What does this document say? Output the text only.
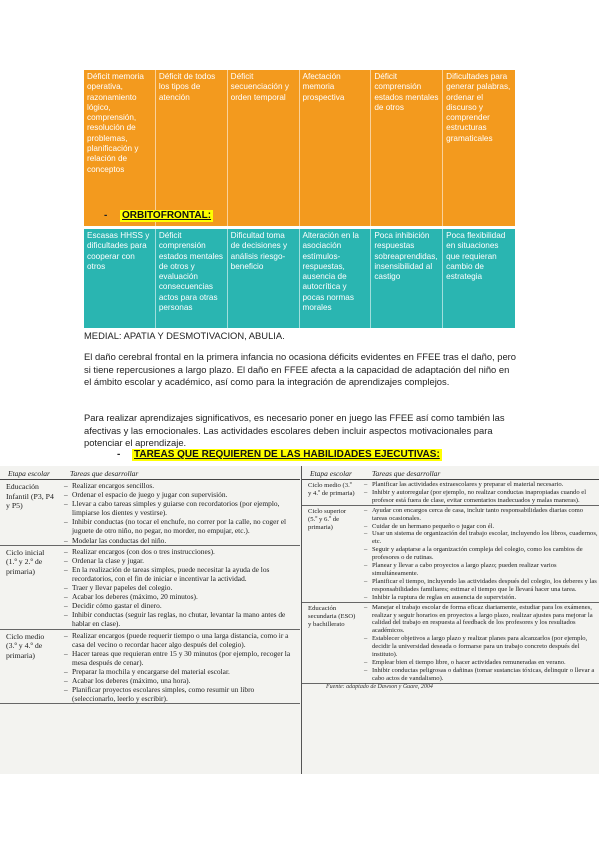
Déficit memoria operativa, razonamiento lógico, comprensión, resolución de problemas, planificación y relación de conceptos
Déficit de todos los tipos de atención
Déficit secuenciación y orden temporal
Afectación memoria prospectiva
Déficit comprensión estados mentales de otros
Dificultades para generar palabras, ordenar el discurso y comprender estructuras gramaticales
- ORBITOFRONTAL:
Escasas HHSS y dificultades para cooperar con otros
Déficit comprensión estados mentales de otros y evaluación consecuencias actos para otras personas
Dificultad toma de decisiones y análisis riesgo-beneficio
Alteración en la asociación estímulos-respuestas, ausencia de autocrítica y pocas normas morales
Poca inhibición respuestas sobreaprendidas, insensibilidad al castigo
Poca flexibilidad en situaciones que requieran cambio de estrategia

MEDIAL: APATIA Y DESMOTIVACION, ABULIA.

El daño cerebral frontal en la primera infancia no ocasiona déficits evidentes en FFEE tras el daño, pero si tiene repercusiones a largo plazo. El daño en FFEE afecta a la capacidad de adaptación del niño en el ámbito escolar y académico, así como para la integración de aprendizajes complejos.

Para realizar aprendizajes significativos, es necesario poner en juego las FFEE así como también las afectivas y las emocionales. Las actividades escolares deben incluir aspectos motivacionales para potenciar el aprendizaje.

- TAREAS QUE REQUIEREN DE LAS HABILIDADES EJECUTIVAS:
Etapa escolar	Tareas que desarrollar
Educación Infantil (P3, P4 y P5)
– Realizar encargos sencillos.
– Ordenar el espacio de juego y jugar con supervisión.
– Llevar a cabo tareas simples y guiarse con recordatorios (por ejemplo, limpiarse los dientes y vestirse).
– Inhibir conductas (no tocar el enchufe, no correr por la calle, no coger el juguete de otro niño, no pegar, no morder, no empujar, etc.).
– Modelar las conductas del niño.
Ciclo inicial (1.º y 2.º de primaria)
– Realizar encargos (con dos o tres instrucciones).
– Ordenar la clase y jugar.
– En la realización de tareas simples, puede necesitar la ayuda de los recordatorios, con el fin de iniciar e incentivar la actividad.
– Traer y llevar papeles del colegio.
– Acabar los deberes (máximo, 20 minutos).
– Decidir cómo gastar el dinero.
– Inhibir conductas (seguir las reglas, no chutar, levantar la mano antes de hablar en clase).
Ciclo medio (3.º y 4.º de primaria)
– Realizar encargos (puede requerir tiempo o una larga distancia, como ir a casa del vecino o recordar hacer algo después del colegio).
– Hacer tareas que requieran entre 15 y 30 minutos (por ejemplo, recoger la mesa después de cenar).
– Preparar la mochila y encargarse del material escolar.
– Acabar los deberes (máximo, una hora).
– Planificar proyectos escolares simples, como resumir un libro (seleccionarlo, leerlo y escribir).
Etapa escolar	Tareas que desarrollar
Ciclo medio (3.º y 4.º de primaria)
– Planificar las actividades extraescolares y preparar el material necesario.
– Inhibir y autorregular (por ejemplo, no realizar conductas inapropiadas cuando el profesor está fuera de clase, evitar comentarios inadecuados y malas maneras).
Ciclo superior (5.º y 6.º de primaria)
– Ayudar con encargos cerca de casa, incluir tanto responsabilidades diarias como tareas ocasionales.
– Cuidar de un hermano pequeño o jugar con él.
– Usar un sistema de organización del trabajo escolar, incluyendo los libros, cuadernos, etc.
– Seguir y adaptarse a la organización compleja del colegio, como los cambios de profesores o de rutinas.
– Planear y llevar a cabo proyectos a largo plazo; pueden realizar varios simultáneamente.
– Planificar el tiempo, incluyendo las actividades después del colegio, los deberes y las responsabilidades familiares; estimar el tiempo que le llevará hacer una tarea.
– Inhibir la ruptura de reglas en ausencia de supervisión.
Educación secundaria (ESO) y bachillerato
– Manejar el trabajo escolar de forma eficaz diariamente, estudiar para los exámenes, realizar y seguir horarios en proyectos a largo plazo, realizar ajustes para mejorar la calidad del trabajo en respuesta al feedback de los profesores y los resultados académicos.
– Establecer objetivos a largo plazo y realizar planes para alcanzarlos (por ejemplo, decidir la universidad deseada o formarse para un trabajo concreto después del instituto).
– Emplear bien el tiempo libre, o hacer actividades remuneradas en verano.
– Inhibir conductas peligrosas o dañinas (tomar sustancias tóxicas, delinquir o llevar a cabo actos de vandalismo).
Fuente: adaptado de Dawson y Guare, 2004
